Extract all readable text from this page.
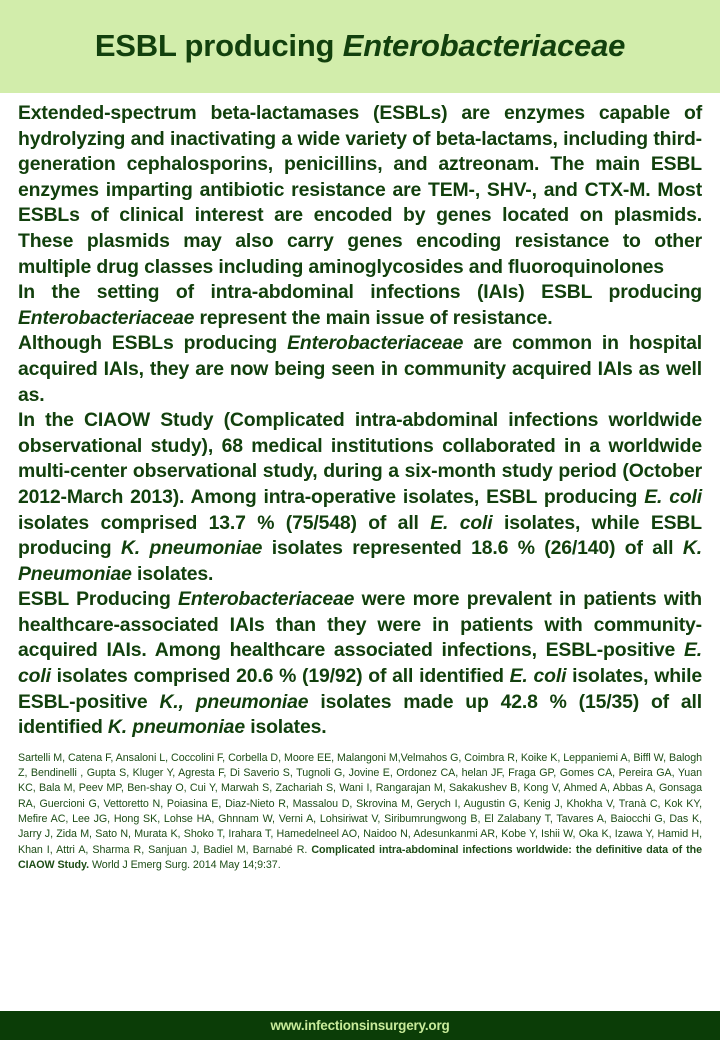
ESBL producing Enterobacteriaceae

Extended-spectrum beta-lactamases (ESBLs) are enzymes capable of hydrolyzing and inactivating a wide variety of beta-lactams, including third-generation cephalosporins, penicillins, and aztreonam. The main ESBL enzymes imparting antibiotic resistance are TEM-, SHV-, and CTX-M. Most ESBLs of clinical interest are encoded by genes located on plasmids. These plasmids may also carry genes encoding resistance to other multiple drug classes including aminoglycosides and fluoroquinolones

In the setting of intra-abdominal infections (IAIs) ESBL producing Enterobacteriaceae represent the main issue of resistance.

Although ESBLs producing Enterobacteriaceae are common in hospital acquired IAIs, they are now being seen in community acquired IAIs as well as.

In the CIAOW Study (Complicated intra-abdominal infections worldwide observational study), 68 medical institutions collaborated in a worldwide multi-center observational study, during a six-month study period (October 2012-March 2013). Among intra-operative isolates, ESBL producing E. coli isolates comprised 13.7 % (75/548) of all E. coli isolates, while ESBL producing K. pneumoniae isolates represented 18.6 % (26/140) of all K. Pneumoniae isolates.

ESBL Producing Enterobacteriaceae were more prevalent in patients with healthcare-associated IAIs than they were in patients with community-acquired IAIs. Among healthcare associated infections, ESBL-positive E. coli isolates comprised 20.6 % (19/92) of all identified E. coli isolates, while ESBL-positive K., pneumoniae isolates made up 42.8 % (15/35) of all identified K. pneumoniae isolates.

Sartelli M, Catena F, Ansaloni L, Coccolini F, Corbella D, Moore EE, Malangoni M,Velmahos G, Coimbra R, Koike K, Leppaniemi A, Biffl W, Balogh Z, Bendinelli , Gupta S, Kluger Y, Agresta F, Di Saverio S, Tugnoli G, Jovine E, Ordonez CA, helan JF, Fraga GP, Gomes CA, Pereira GA, Yuan KC, Bala M, Peev MP, Ben-shay O, Cui Y, Marwah S, Zachariah S, Wani I, Rangarajan M, Sakakushev B, Kong V, Ahmed A, Abbas A, Gonsaga RA, Guercioni G, Vettoretto N, Poiasina E, Diaz-Nieto R, Massalou D, Skrovina M, Gerych I, Augustin G, Kenig J, Khokha V, Tranà C, Kok KY, Mefire AC, Lee JG, Hong SK, Lohse HA, Ghnnam W, Verni A, Lohsiriwat V, Siribumrungwong B, El Zalabany T, Tavares A, Baiocchi G, Das K, Jarry J, Zida M, Sato N, Murata K, Shoko T, Irahara T, Hamedelneel AO, Naidoo N, Adesunkanmi AR, Kobe Y, Ishii W, Oka K, Izawa Y, Hamid H, Khan I, Attri A, Sharma R, Sanjuan J, Badiel M, Barnabé R. Complicated intra-abdominal infections worldwide: the definitive data of the CIAOW Study. World J Emerg Surg. 2014 May 14;9:37.
www.infectionsinsurgery.org
